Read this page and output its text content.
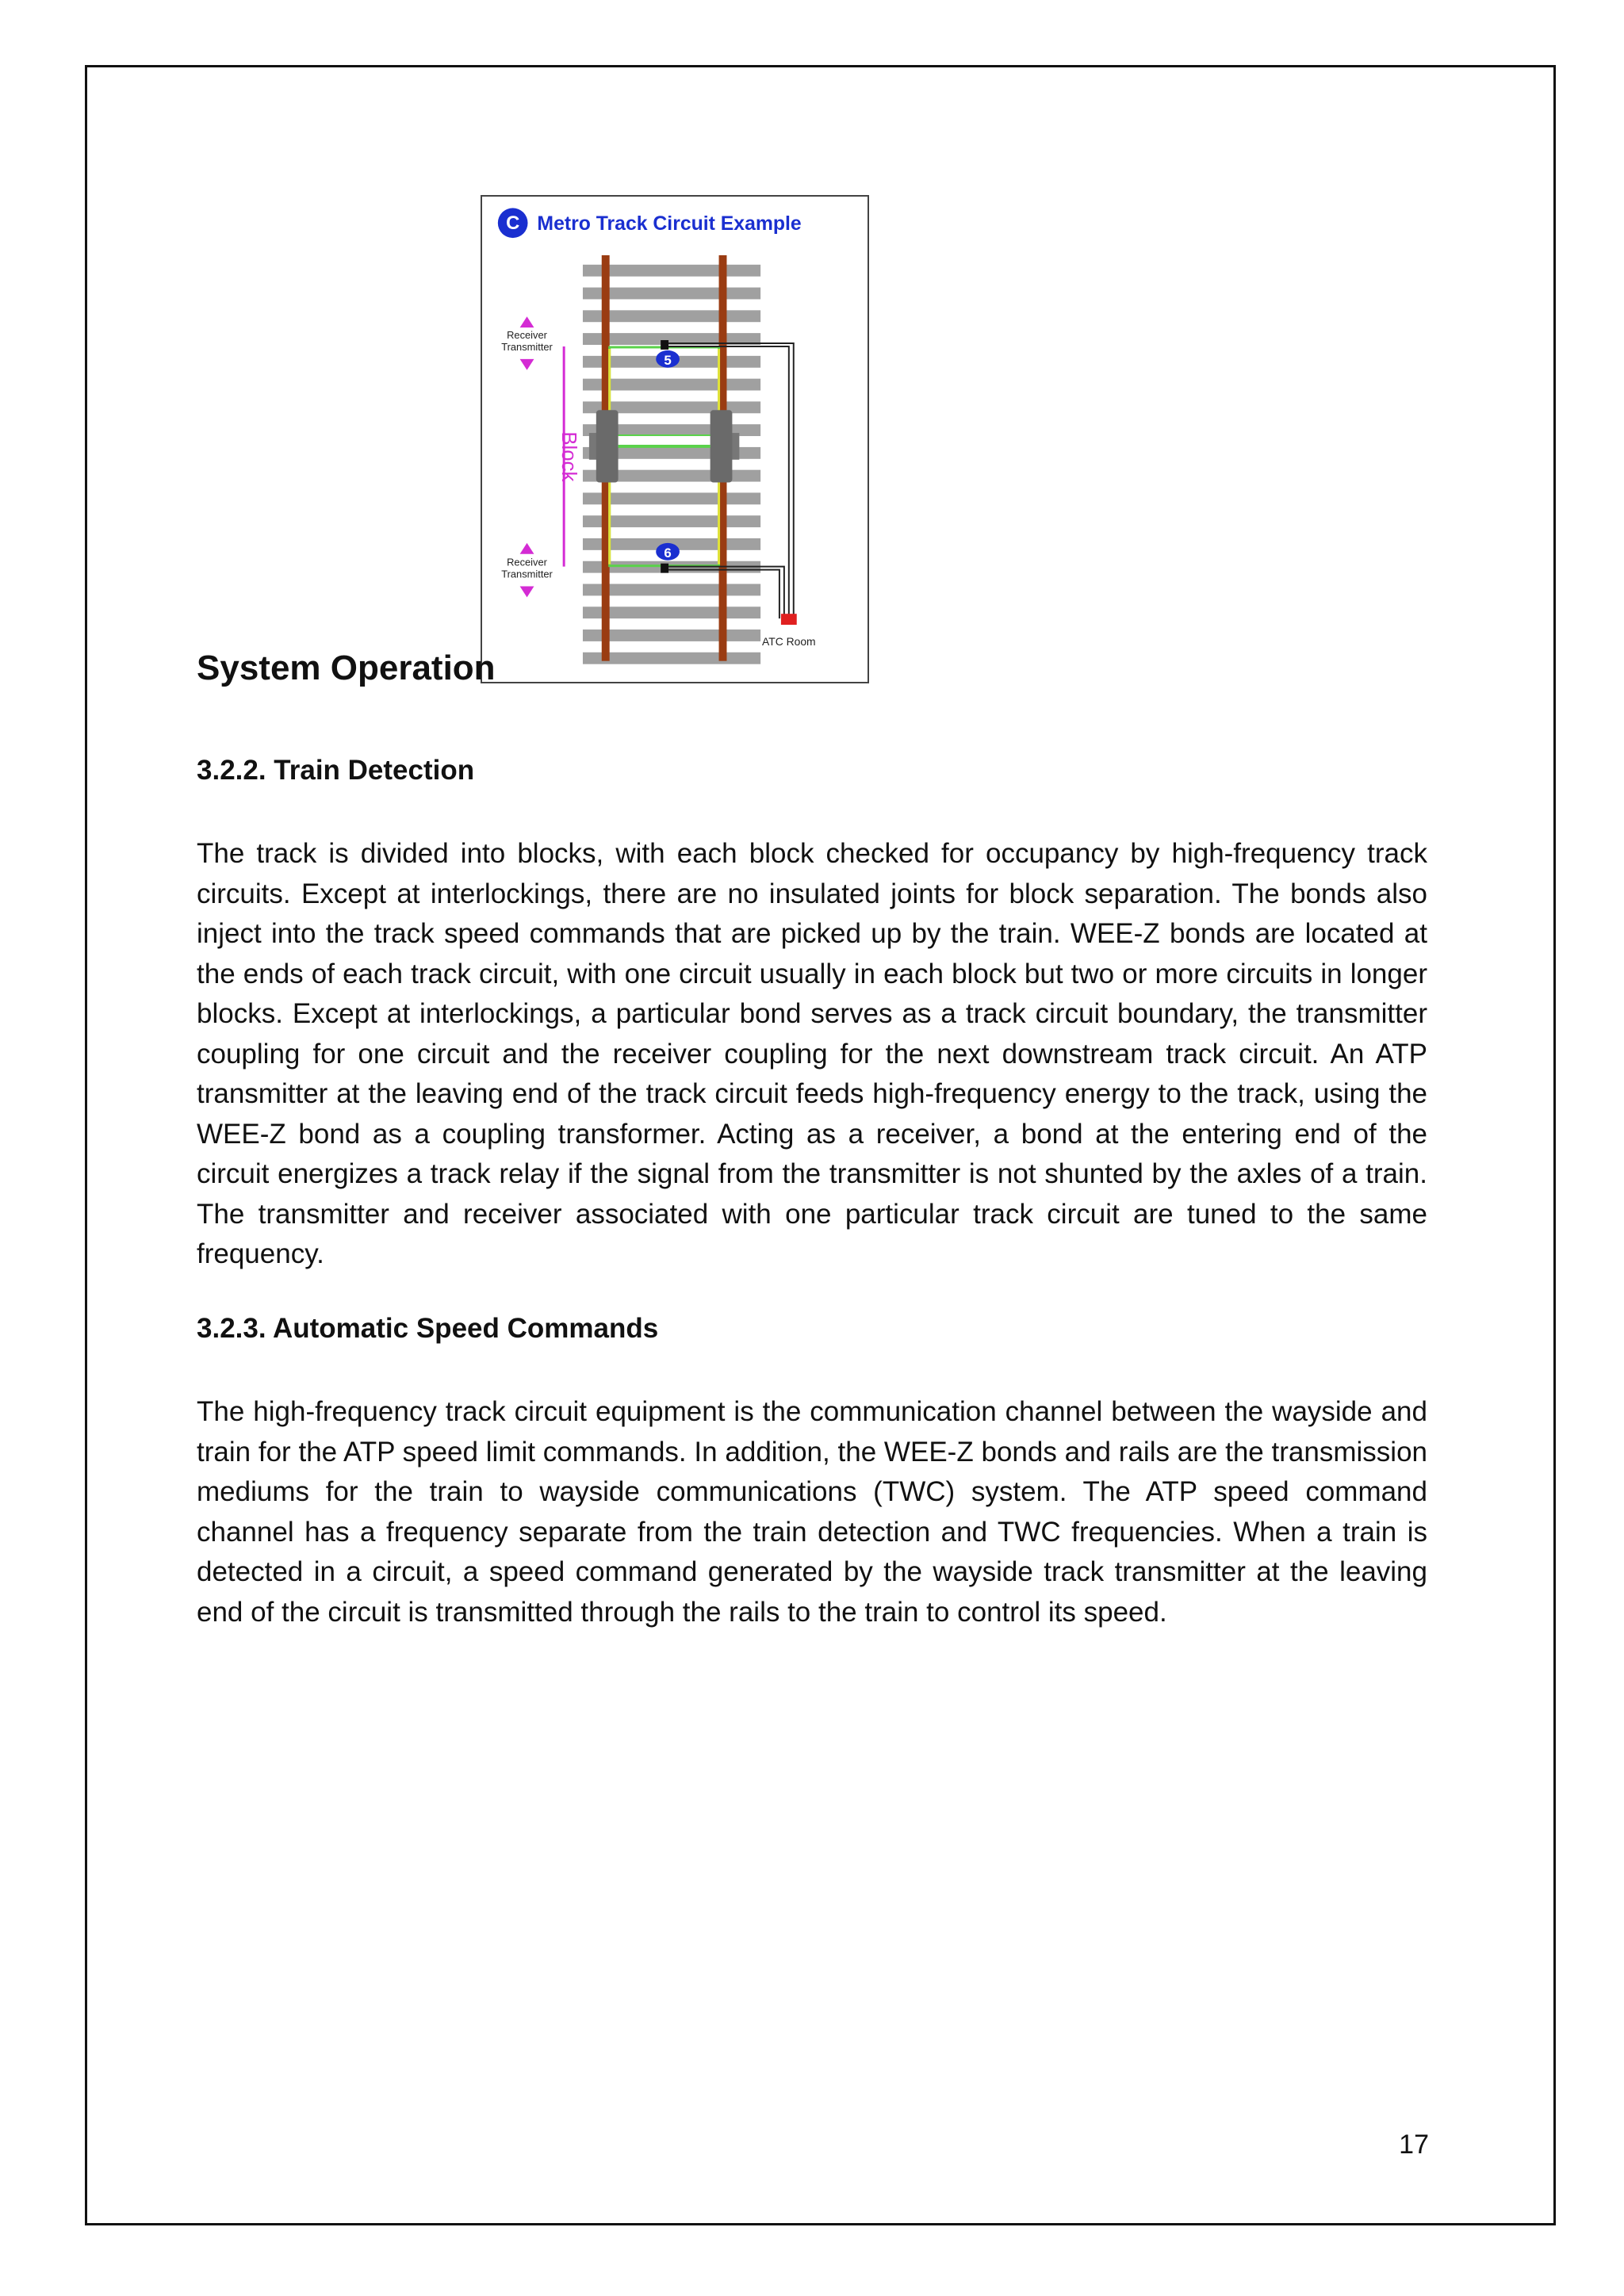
C Metro Track Circuit Example
ATC Room
5
6
Block
Receiver
Transmitter
Receiver
Transmitter
System Operation
3.2.2. Train Detection

The track is divided into blocks, with each block checked for occupancy by high-frequency track circuits. Except at interlockings, there are no insulated joints for block separation. The bonds also inject into the track speed commands that are picked up by the train. WEE-Z bonds are located at the ends of each track circuit, with one circuit usually in each block but two or more circuits in longer blocks. Except at interlockings, a particular bond serves as a track circuit boundary, the transmitter coupling for one circuit and the receiver coupling for the next downstream track circuit. An ATP transmitter at the leaving end of the track circuit feeds high-frequency energy to the track, using the WEE-Z bond as a coupling transformer. Acting as a receiver, a bond at the entering end of the circuit energizes a track relay if the signal from the transmitter is not shunted by the axles of a train. The transmitter and receiver associated with one particular track circuit are tuned to the same frequency.

3.2.3. Automatic Speed Commands

The high-frequency track circuit equipment is the communication channel between the wayside and train for the ATP speed limit commands. In addition, the WEE-Z bonds and rails are the transmission mediums for the train to wayside communications (TWC) system. The ATP speed command channel has a frequency separate from the train detection and TWC frequencies. When a train is detected in a circuit, a speed command generated by the wayside track transmitter at the leaving end of the circuit is transmitted through the rails to the train to control its speed.

17
